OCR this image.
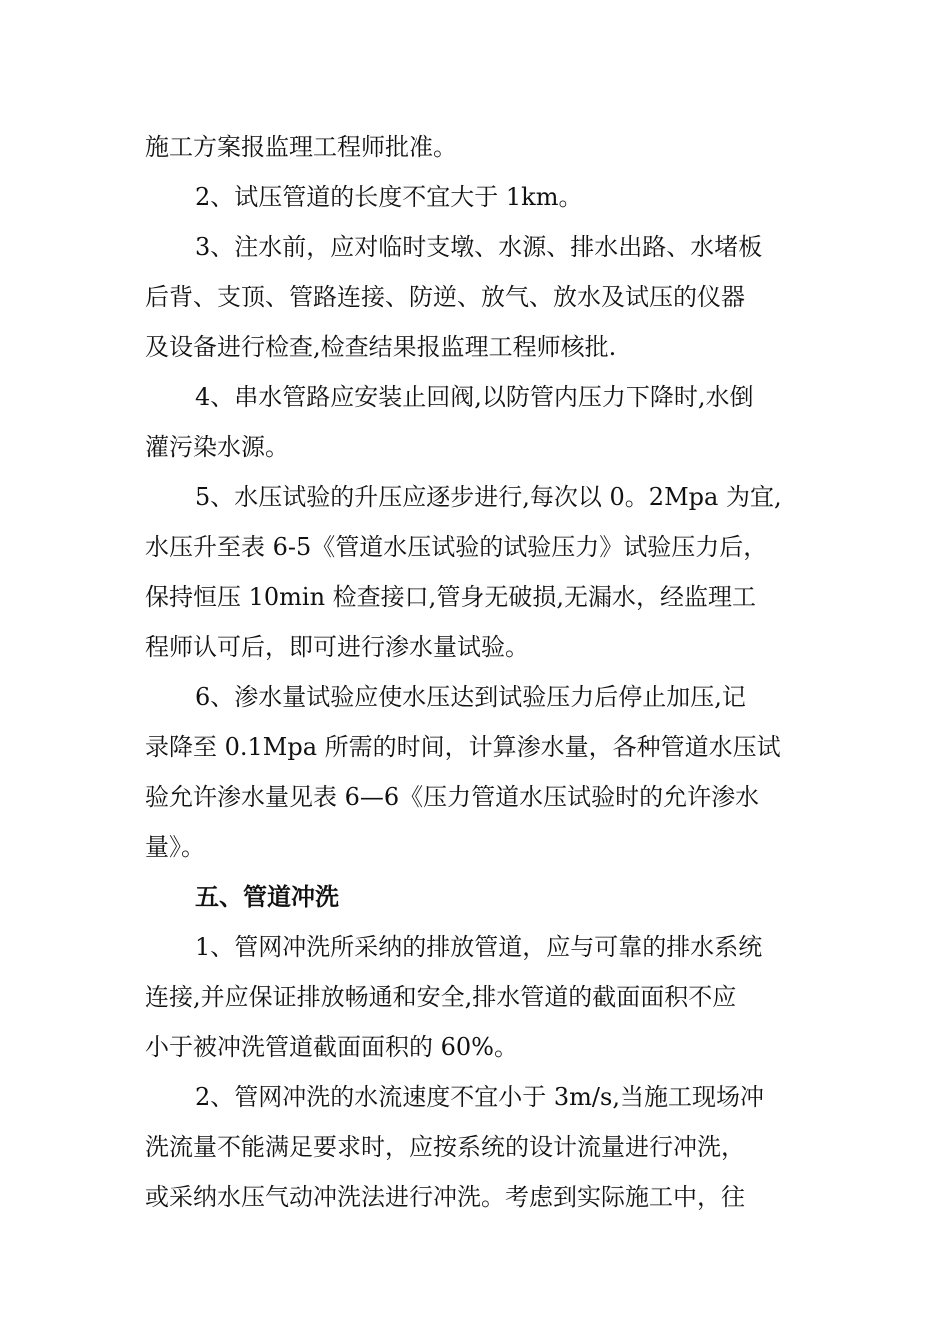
施工方案报监理工程师批准。
2、试压管道的长度不宜大于 1km。
3、注水前，应对临时支墩、水源、排水出路、水堵板
后背、支顶、管路连接、防逆、放气、放水及试压的仪器
及设备进行检查,检查结果报监理工程师核批.
4、串水管路应安装止回阀,以防管内压力下降时,水倒
灌污染水源。
5、水压试验的升压应逐步进行,每次以 0。2Mpa 为宜,
水压升至表 6-5《管道水压试验的试验压力》试验压力后，
保持恒压 10min 检查接口,管身无破损,无漏水，经监理工
程师认可后，即可进行渗水量试验。
6、渗水量试验应使水压达到试验压力后停止加压,记
录降至 0.1Mpa 所需的时间，计算渗水量，各种管道水压试
验允许渗水量见表 6—6《压力管道水压试验时的允许渗水
量》。
五、管道冲洗
1、管网冲洗所采纳的排放管道，应与可靠的排水系统
连接,并应保证排放畅通和安全,排水管道的截面面积不应
小于被冲洗管道截面面积的 60%。
2、管网冲洗的水流速度不宜小于 3m/s,当施工现场冲
洗流量不能满足要求时，应按系统的设计流量进行冲洗，
或采纳水压气动冲洗法进行冲洗。考虑到实际施工中，往
